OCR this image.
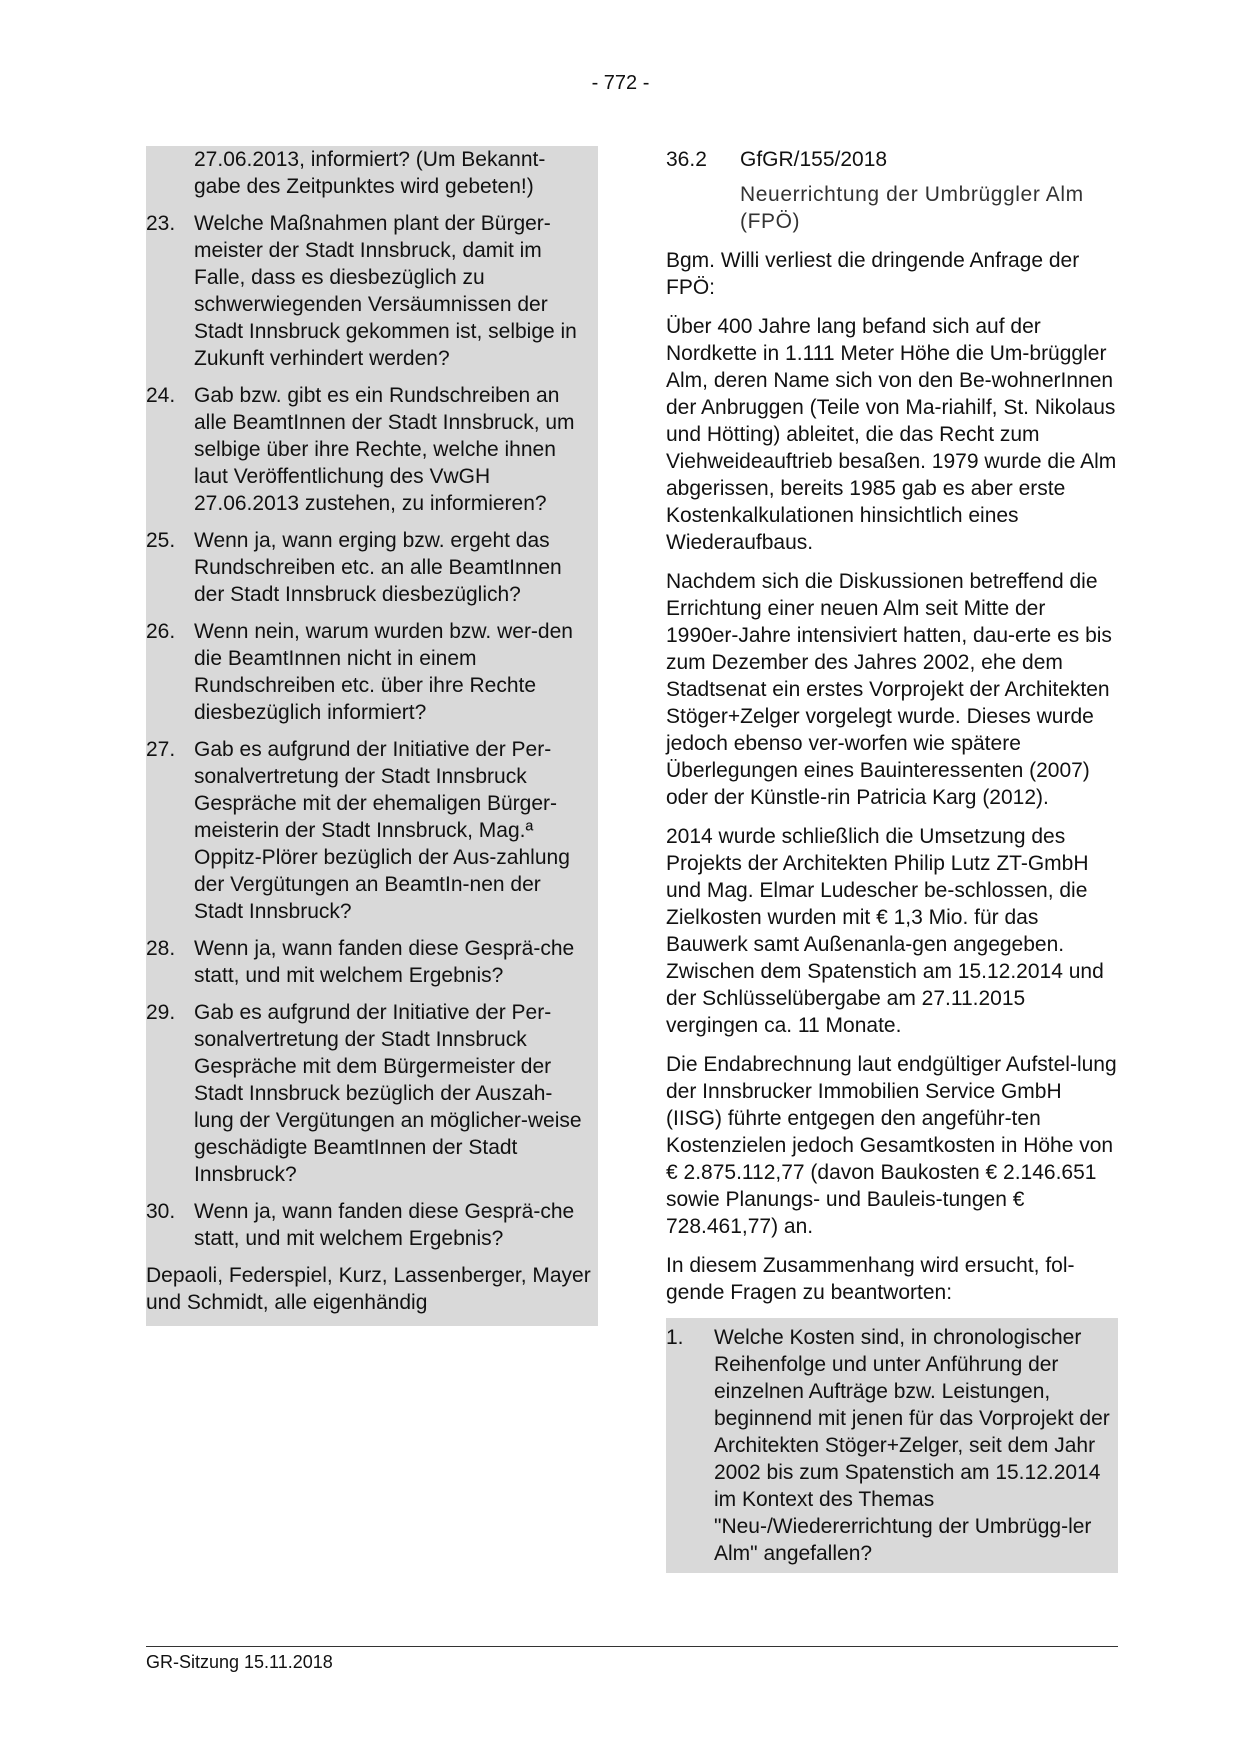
- 772 -
27.06.2013, informiert? (Um Bekannt-gabe des Zeitpunktes wird gebeten!)
23. Welche Maßnahmen plant der Bürger-meister der Stadt Innsbruck, damit im Falle, dass es diesbezüglich zu schwerwiegenden Versäumnissen der Stadt Innsbruck gekommen ist, selbige in Zukunft verhindert werden?
24. Gab bzw. gibt es ein Rundschreiben an alle BeamtInnen der Stadt Innsbruck, um selbige über ihre Rechte, welche ihnen laut Veröffentlichung des VwGH 27.06.2013 zustehen, zu informieren?
25. Wenn ja, wann erging bzw. ergeht das Rundschreiben etc. an alle BeamtInnen der Stadt Innsbruck diesbezüglich?
26. Wenn nein, warum wurden bzw. wer-den die BeamtInnen nicht in einem Rundschreiben etc. über ihre Rechte diesbezüglich informiert?
27. Gab es aufgrund der Initiative der Per-sonalvertretung der Stadt Innsbruck Gespräche mit der ehemaligen Bürger-meisterin der Stadt Innsbruck, Mag.ª Oppitz-Plörer bezüglich der Aus-zahlung der Vergütungen an BeamtIn-nen der Stadt Innsbruck?
28. Wenn ja, wann fanden diese Gesprä-che statt, und mit welchem Ergebnis?
29. Gab es aufgrund der Initiative der Per-sonalvertretung der Stadt Innsbruck Gespräche mit dem Bürgermeister der Stadt Innsbruck bezüglich der Auszah-lung der Vergütungen an möglicher-weise geschädigte BeamtInnen der Stadt Innsbruck?
30. Wenn ja, wann fanden diese Gesprä-che statt, und mit welchem Ergebnis?
Depaoli, Federspiel, Kurz, Lassenberger, Mayer und Schmidt, alle eigenhändig
36.2	GfGR/155/2018
Neuerrichtung der Umbrüggler Alm (FPÖ)
Bgm. Willi verliest die dringende Anfrage der FPÖ:
Über 400 Jahre lang befand sich auf der Nordkette in 1.111 Meter Höhe die Um-brüggler Alm, deren Name sich von den Be-wohnerInnen der Anbruggen (Teile von Ma-riahilf, St. Nikolaus und Hötting) ableitet, die das Recht zum Viehweideauftrieb besaßen. 1979 wurde die Alm abgerissen, bereits 1985 gab es aber erste Kostenkalkulationen hinsichtlich eines Wiederaufbaus.
Nachdem sich die Diskussionen betreffend die Errichtung einer neuen Alm seit Mitte der 1990er-Jahre intensiviert hatten, dau-erte es bis zum Dezember des Jahres 2002, ehe dem Stadtsenat ein erstes Vorprojekt der Architekten Stöger+Zelger vorgelegt wurde. Dieses wurde jedoch ebenso ver-worfen wie spätere Überlegungen eines Bauinteressenten (2007) oder der Künstle-rin Patricia Karg (2012).
2014 wurde schließlich die Umsetzung des Projekts der Architekten Philip Lutz ZT-GmbH und Mag. Elmar Ludescher be-schlossen, die Zielkosten wurden mit € 1,3 Mio. für das Bauwerk samt Außenanla-gen angegeben. Zwischen dem Spatenstich am 15.12.2014 und der Schlüsselübergabe am 27.11.2015 vergingen ca. 11 Monate.
Die Endabrechnung laut endgültiger Aufstel-lung der Innsbrucker Immobilien Service GmbH (IISG) führte entgegen den angeführ-ten Kostenzielen jedoch Gesamtkosten in Höhe von € 2.875.112,77 (davon Baukosten € 2.146.651 sowie Planungs- und Bauleis-tungen € 728.461,77) an.
In diesem Zusammenhang wird ersucht, fol-gende Fragen zu beantworten:
1.	Welche Kosten sind, in chronologischer Reihenfolge und unter Anführung der einzelnen Aufträge bzw. Leistungen, beginnend mit jenen für das Vorprojekt der Architekten Stöger+Zelger, seit dem Jahr 2002 bis zum Spatenstich am 15.12.2014 im Kontext des Themas "Neu-/Wiedererrichtung der Umbrügg-ler Alm" angefallen?
GR-Sitzung 15.11.2018
